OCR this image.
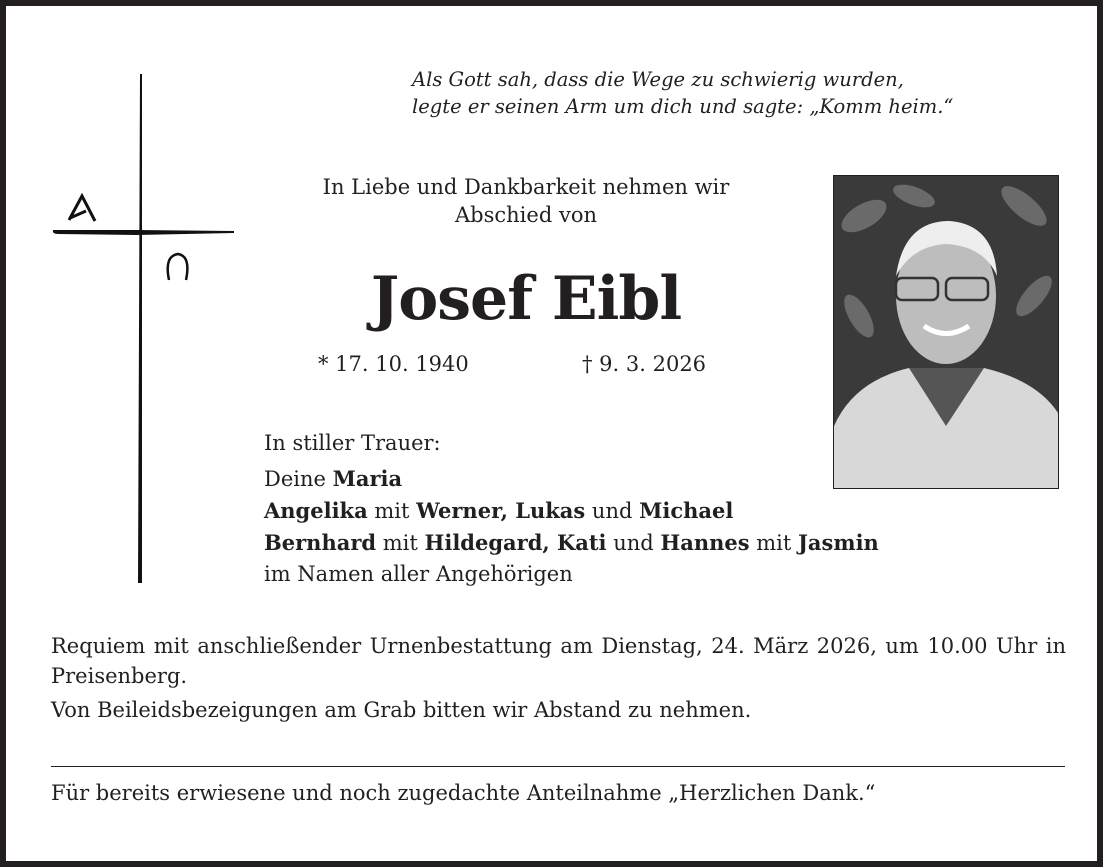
Als Gott sah, dass die Wege zu schwierig wurden,
legte er seinen Arm um dich und sagte: „Komm heim.“
In Liebe und Dankbarkeit nehmen wir
Abschied von
Josef Eibl
* 17. 10. 1940	† 9. 3. 2026
In stiller Trauer:
Deine Maria
Angelika mit Werner, Lukas und Michael
Bernhard mit Hildegard, Kati und Hannes mit Jasmin
im Namen aller Angehörigen
Requiem mit anschließender Urnenbestattung am Dienstag, 24. März 2026, um 10.00 Uhr in Preisenberg.
Von Beileidsbezeigungen am Grab bitten wir Abstand zu nehmen.
Für bereits erwiesene und noch zugedachte Anteilnahme „Herzlichen Dank.“
